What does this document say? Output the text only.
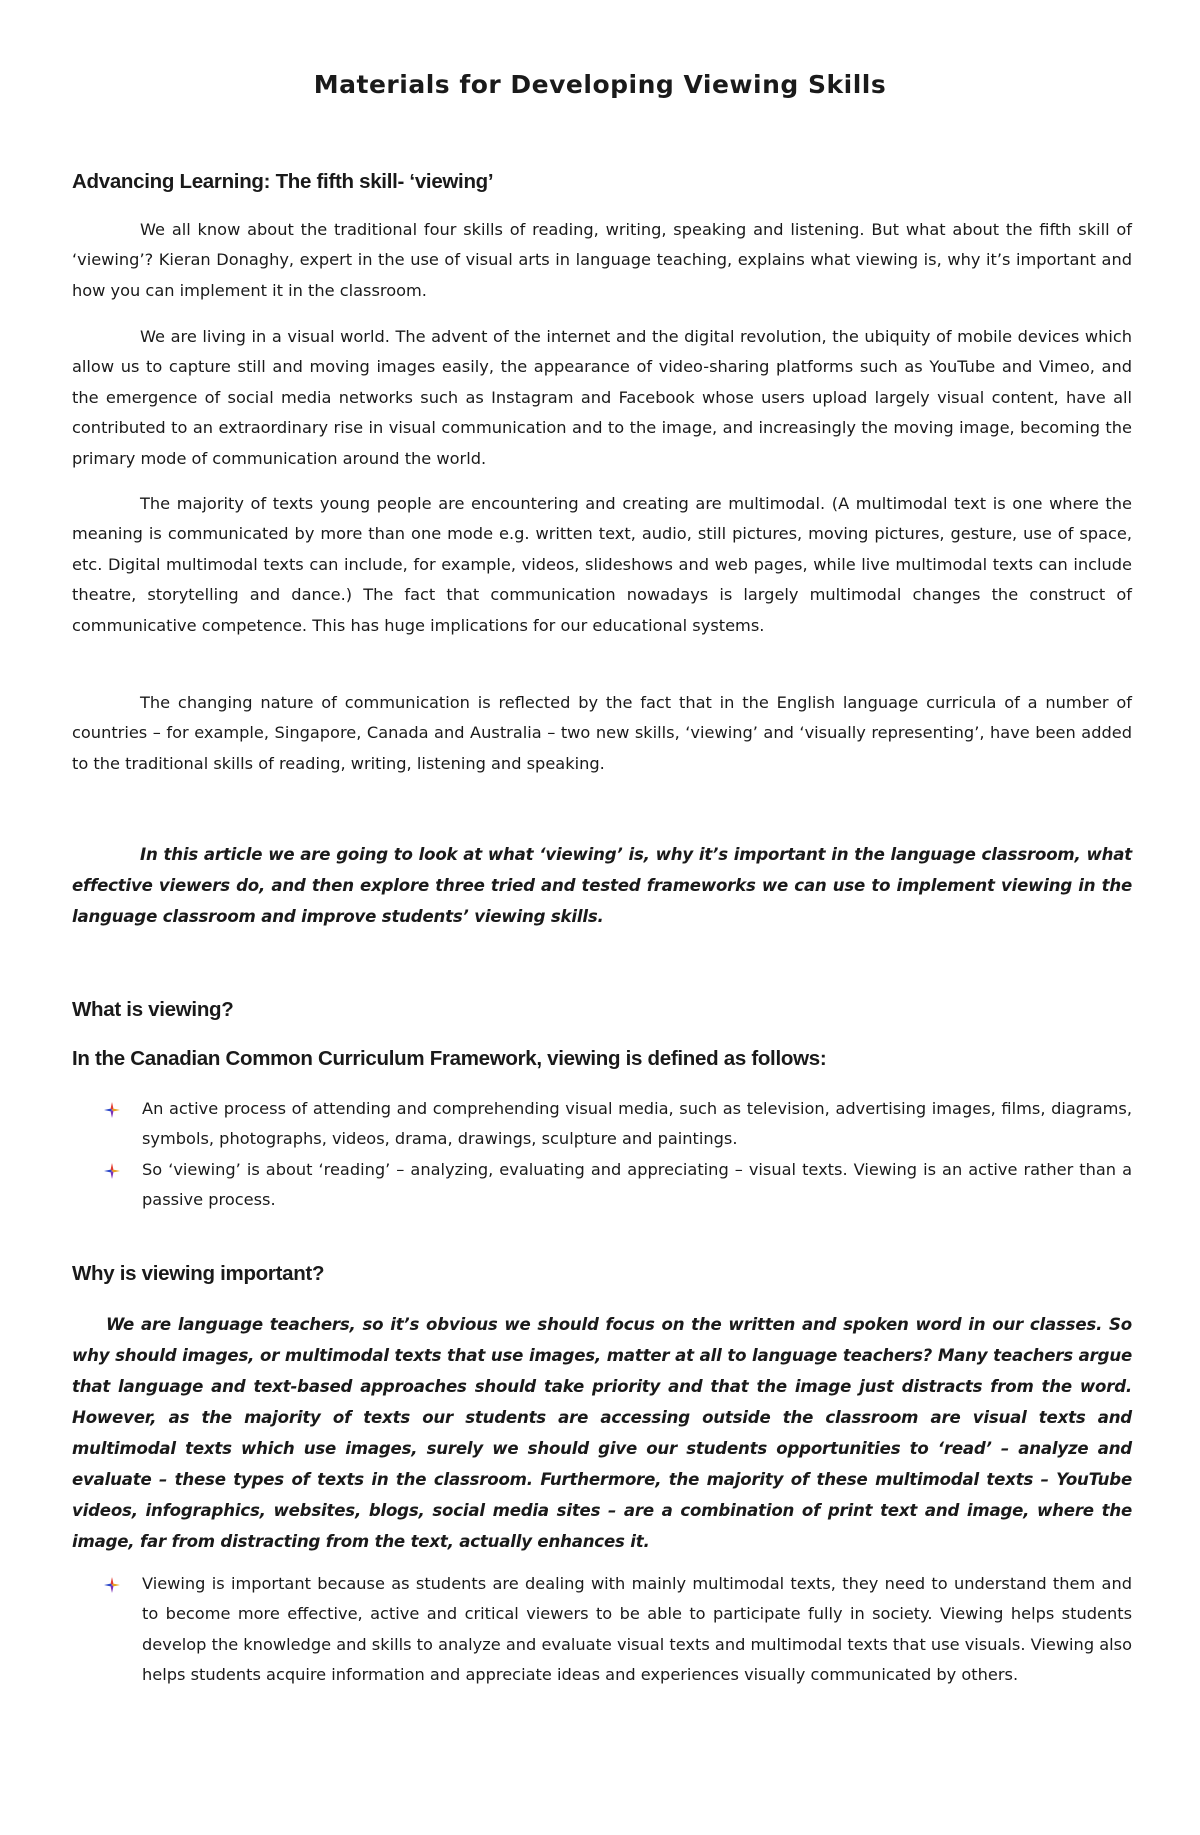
Materials for Developing Viewing Skills
Advancing Learning: The fifth skill- ‘viewing’
We all know about the traditional four skills of reading, writing, speaking and listening. But what about the fifth skill of ‘viewing’? Kieran Donaghy, expert in the use of visual arts in language teaching, explains what viewing is, why it’s important and how you can implement it in the classroom.
We are living in a visual world. The advent of the internet and the digital revolution, the ubiquity of mobile devices which allow us to capture still and moving images easily, the appearance of video-sharing platforms such as YouTube and Vimeo, and the emergence of social media networks such as Instagram and Facebook whose users upload largely visual content, have all contributed to an extraordinary rise in visual communication and to the image, and increasingly the moving image, becoming the primary mode of communication around the world.
The majority of texts young people are encountering and creating are multimodal. (A multimodal text is one where the meaning is communicated by more than one mode e.g. written text, audio, still pictures, moving pictures, gesture, use of space, etc. Digital multimodal texts can include, for example, videos, slideshows and web pages, while live multimodal texts can include theatre, storytelling and dance.) The fact that communication nowadays is largely multimodal changes the construct of communicative competence. This has huge implications for our educational systems.
The changing nature of communication is reflected by the fact that in the English language curricula of a number of countries – for example, Singapore, Canada and Australia – two new skills, ‘viewing’ and ‘visually representing’, have been added to the traditional skills of reading, writing, listening and speaking.
In this article we are going to look at what ‘viewing’ is, why it’s important in the language classroom, what effective viewers do, and then explore three tried and tested frameworks we can use to implement viewing in the language classroom and improve students’ viewing skills.
What is viewing?
In the Canadian Common Curriculum Framework, viewing is defined as follows:
An active process of attending and comprehending visual media, such as television, advertising images, films, diagrams, symbols, photographs, videos, drama, drawings, sculpture and paintings.
So ‘viewing’ is about ‘reading’ – analyzing, evaluating and appreciating – visual texts. Viewing is an active rather than a passive process.
Why is viewing important?
We are language teachers, so it’s obvious we should focus on the written and spoken word in our classes. So why should images, or multimodal texts that use images, matter at all to language teachers? Many teachers argue that language and text-based approaches should take priority and that the image just distracts from the word. However, as the majority of texts our students are accessing outside the classroom are visual texts and multimodal texts which use images, surely we should give our students opportunities to ‘read’ – analyze and evaluate – these types of texts in the classroom. Furthermore, the majority of these multimodal texts – YouTube videos, infographics, websites, blogs, social media sites – are a combination of print text and image, where the image, far from distracting from the text, actually enhances it.
Viewing is important because as students are dealing with mainly multimodal texts, they need to understand them and to become more effective, active and critical viewers to be able to participate fully in society. Viewing helps students develop the knowledge and skills to analyze and evaluate visual texts and multimodal texts that use visuals. Viewing also helps students acquire information and appreciate ideas and experiences visually communicated by others.
